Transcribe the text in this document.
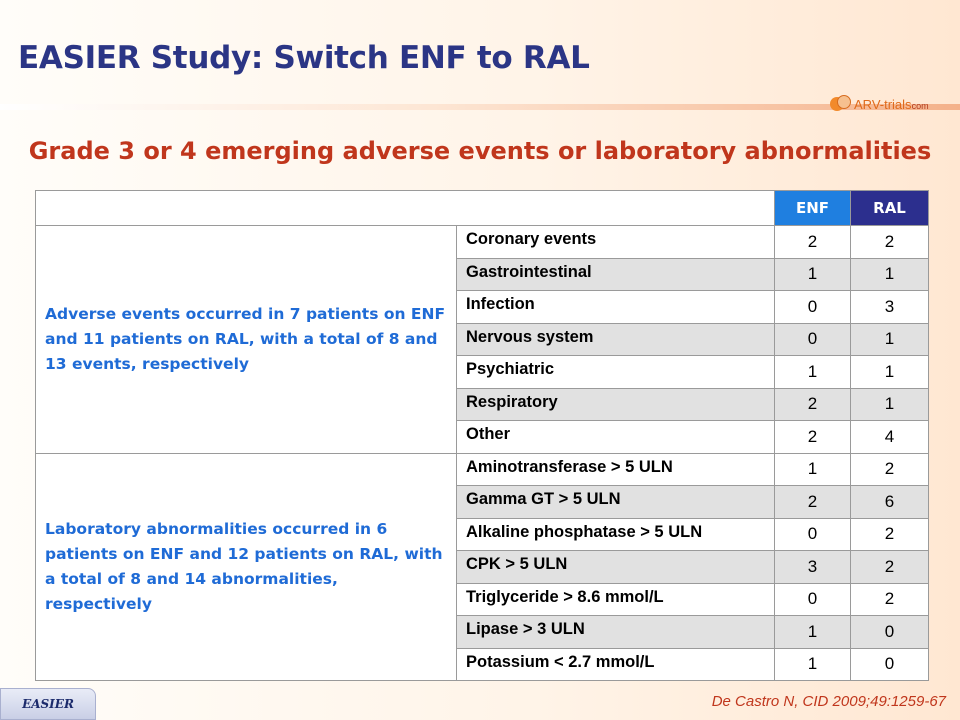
EASIER Study: Switch ENF to RAL
ARV-trialscom
Grade 3 or 4 emerging adverse events or laboratory abnormalities
		ENF	RAL
Adverse events occurred in 7 patients on ENF and 11 patients on RAL, with a total of 8 and 13 events, respectively	Coronary events	2	2
	Gastrointestinal	1	1
	Infection	0	3
	Nervous system	0	1
	Psychiatric	1	1
	Respiratory	2	1
	Other	2	4
Laboratory abnormalities occurred in 6 patients on ENF and 12 patients on RAL, with a total of 8 and 14 abnormalities, respectively	Aminotransferase > 5 ULN	1	2
	Gamma GT > 5 ULN	2	6
	Alkaline phosphatase > 5 ULN	0	2
	CPK > 5 ULN	3	2
	Triglyceride > 8.6 mmol/L	0	2
	Lipase > 3 ULN	1	0
	Potassium < 2.7 mmol/L	1	0
EASIER	De Castro N, CID 2009;49:1259-67
